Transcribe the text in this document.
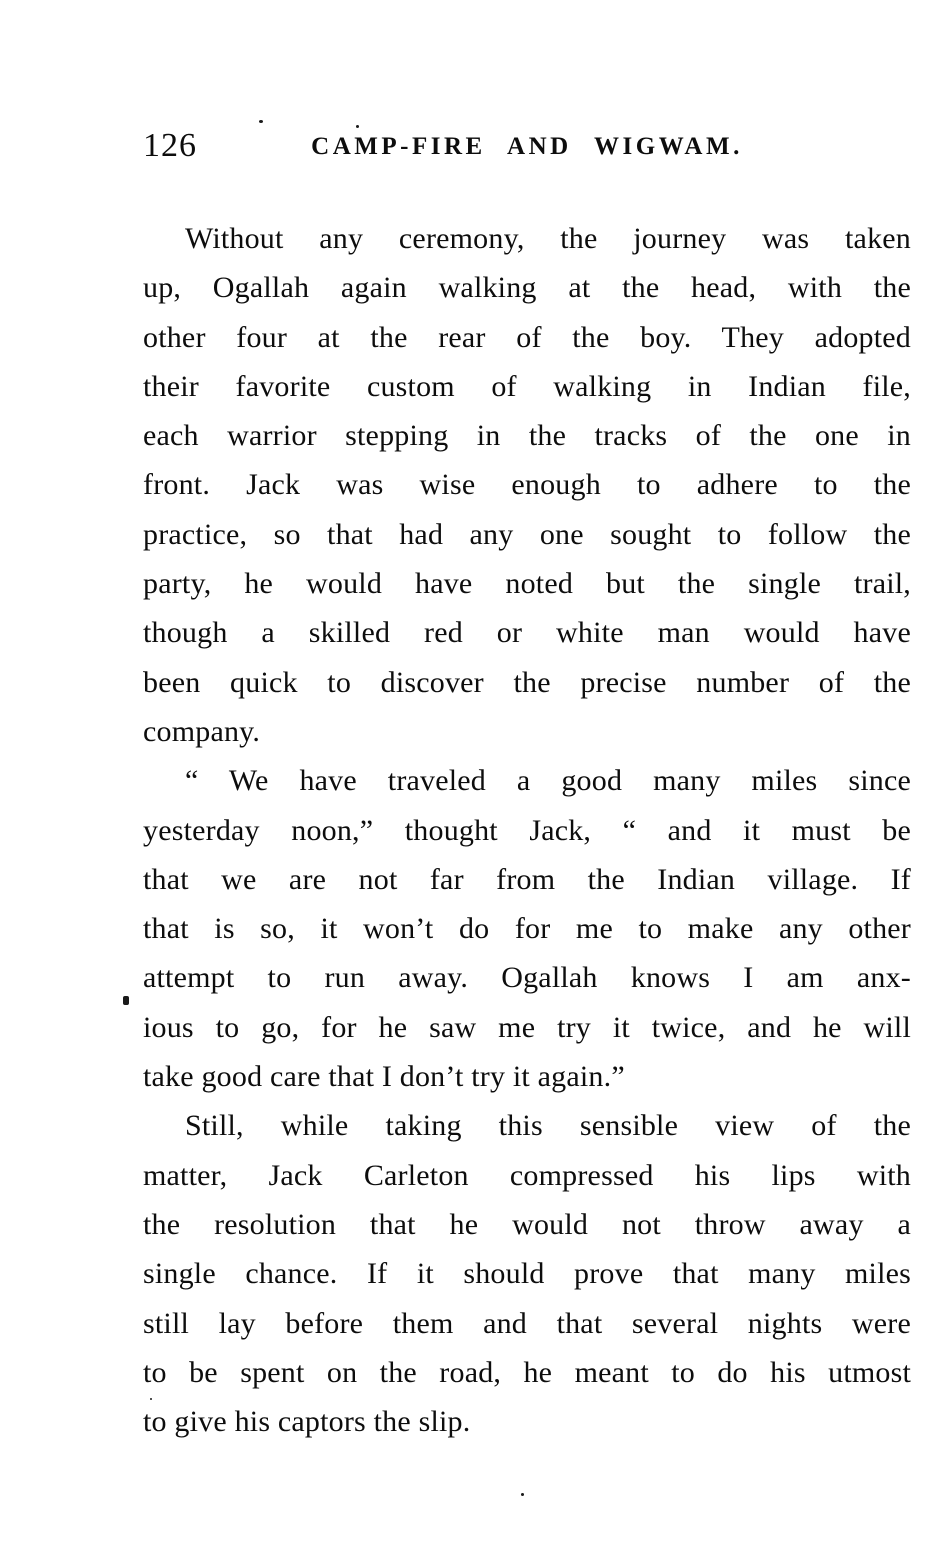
126	CAMP-FIRE AND WIGWAM.
Without any ceremony, the journey was taken
up, Ogallah again walking at the head, with the
other four at the rear of the boy. They adopted
their favorite custom of walking in Indian file,
each warrior stepping in the tracks of the one in
front. Jack was wise enough to adhere to the
practice, so that had any one sought to follow the
party, he would have noted but the single trail,
though a skilled red or white man would have
been quick to discover the precise number of the
company.
“ We have traveled a good many miles since
yesterday noon,” thought Jack, “ and it must be
that we are not far from the Indian village. If
that is so, it won’t do for me to make any other
attempt to run away. Ogallah knows I am anx-
ious to go, for he saw me try it twice, and he will
take good care that I don’t try it again.”
Still, while taking this sensible view of the
matter, Jack Carleton compressed his lips with
the resolution that he would not throw away a
single chance. If it should prove that many miles
still lay before them and that several nights were
to be spent on the road, he meant to do his utmost
to give his captors the slip.
